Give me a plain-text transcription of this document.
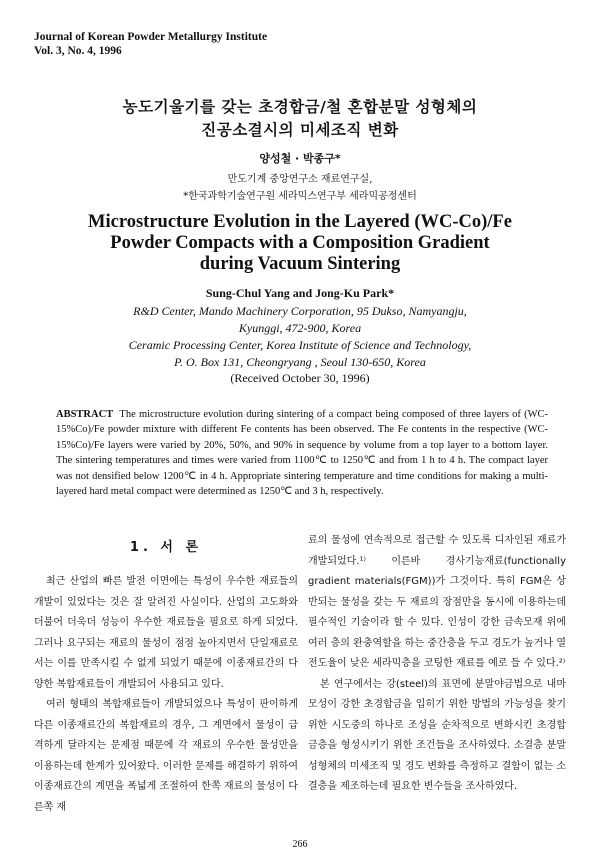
Journal of Korean Powder Metallurgy Institute
Vol. 3, No. 4, 1996
농도기울기를 갖는 초경합금/철 혼합분말 성형체의
진공소결시의 미세조직 변화
양성철 · 박종구*
만도기계 중앙연구소 재료연구실,
*한국과학기술연구원 세라믹스연구부 세라믹공정센터
Microstructure Evolution in the Layered (WC-Co)/Fe
Powder Compacts with a Composition Gradient
during Vacuum Sintering
Sung-Chul Yang and Jong-Ku Park*
R&D Center, Mando Machinery Corporation, 95 Dukso, Namyangju,
Kyunggi, 472-900, Korea
Ceramic Processing Center, Korea Institute of Science and Technology,
P. O. Box 131, Cheongryang , Seoul 130-650, Korea
(Received October 30, 1996)
ABSTRACT The microstructure evolution during sintering of a compact being composed of three layers of (WC-15%Co)/Fe powder mixture with different Fe contents has been observed. The Fe contents in the respective (WC-15%Co)/Fe layers were varied by 20%, 50%, and 90% in sequence by volume from a top layer to a bottom layer. The sintering temperatures and times were varied from 1100℃ to 1250℃ and from 1 h to 4 h. The compact layer was not densified below 1200℃ in 4 h. Appropriate sintering temperature and time conditions for making a multi-layered hard metal compact were determined as 1250℃ and 3 h, respectively.
1. 서 론

최근 산업의 빠른 발전 이면에는 특성이 우수한 재료들의 개발이 있었다는 것은 잘 알려진 사실이다. 산업의 고도화와 더불어 더욱더 성능이 우수한 재료들을 필요로 하게 되었다. 그러나 요구되는 재료의 물성이 점점 높아지면서 단일재료로서는 이를 만족시킬 수 없게 되었기 때문에 이종재료간의 다양한 복합재료들이 개발되어 사용되고 있다.

여러 형태의 복합재료들이 개발되었으나 특성이 판이하게 다른 이종재료간의 복합재료의 경우, 그 계면에서 물성이 급격하게 달라지는 문제점 때문에 각 재료의 우수한 물성만을 이용하는데 한계가 있어왔다. 이러한 문제를 해결하기 위하여 이종재료간의 계면을 폭넓게 조절하여 한쪽 재료의 물성이 다른쪽 재

료의 물성에 연속적으로 접근할 수 있도록 디자인된 재료가 개발되었다.¹⁾ 이른바 경사기능재료(functionally gradient materials(FGM))가 그것이다. 특히 FGM은 상반되는 물성을 갖는 두 재료의 장점만을 동시에 이용하는데 필수적인 기술이라 할 수 있다. 인성이 강한 금속모재 위에 여러 층의 완충역할을 하는 중간층을 두고 경도가 높거나 열전도율이 낮은 세라믹층을 코팅한 재료를 예로 들 수 있다.²⁾

본 연구에서는 강(steel)의 표면에 분말야금법으로 내마모성이 강한 초경합금을 입히기 위한 방법의 가능성을 찾기 위한 시도중의 하나로 조성을 순차적으로 변화시킨 초경합금층을 형성시키기 위한 조건들을 조사하였다. 소결층 분말성형체의 미세조직 및 경도 변화를 측정하고 결함이 없는 소결층을 제조하는데 필요한 변수들을 조사하였다.

266
